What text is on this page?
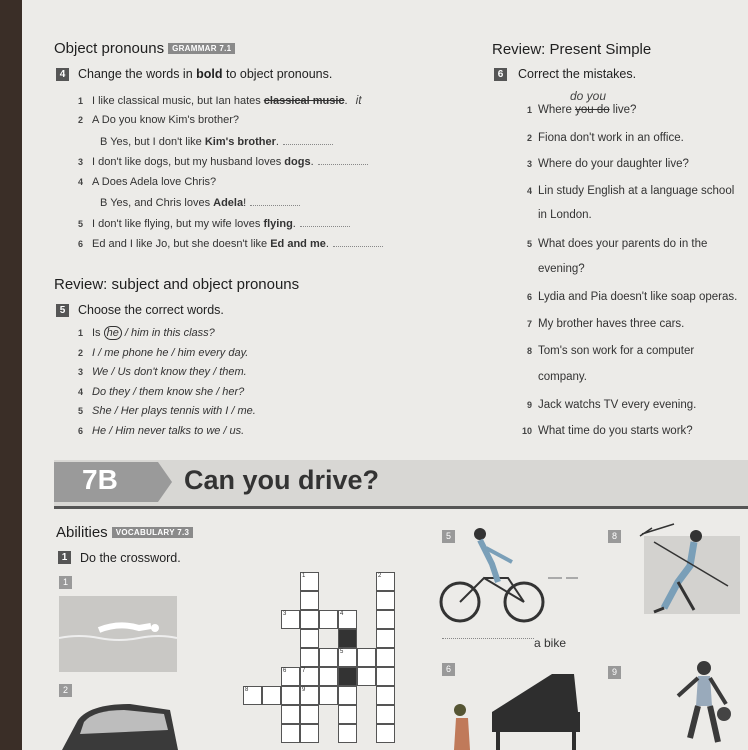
Object pronouns GRAMMAR 7.1
4 Change the words in bold to object pronouns.
1 I like classical music, but Ian hates classical music. it
2 A Do you know Kim's brother?
B Yes, but I don't like Kim's brother.
3 I don't like dogs, but my husband loves dogs.
4 A Does Adela love Chris?
B Yes, and Chris loves Adela!
5 I don't like flying, but my wife loves flying.
6 Ed and I like Jo, but she doesn't like Ed and me.
Review: subject and object pronouns
5 Choose the correct words.
1 Is he / him in this class?
2 I / me phone he / him every day.
3 We / Us don't know they / them.
4 Do they / them know she / her?
5 She / Her plays tennis with I / me.
6 He / Him never talks to we / us.
Review: Present Simple
6 Correct the mistakes.
do you
1 Where you do live?
2 Fiona don't work in an office.
3 Where do your daughter live?
4 Lin study English at a language school
in London.
5 What does your parents do in the
evening?
6 Lydia and Pia doesn't like soap operas.
7 My brother haves three cars.
8 Tom's son work for a computer
company.
9 Jack watchs TV every evening.
10 What time do you starts work?
7B Can you drive?
Abilities VOCABULARY 7.3
1 Do the crossword.
1
2
1	2
3	4
5
6	7
8	9
5
a bike
6
8
9
